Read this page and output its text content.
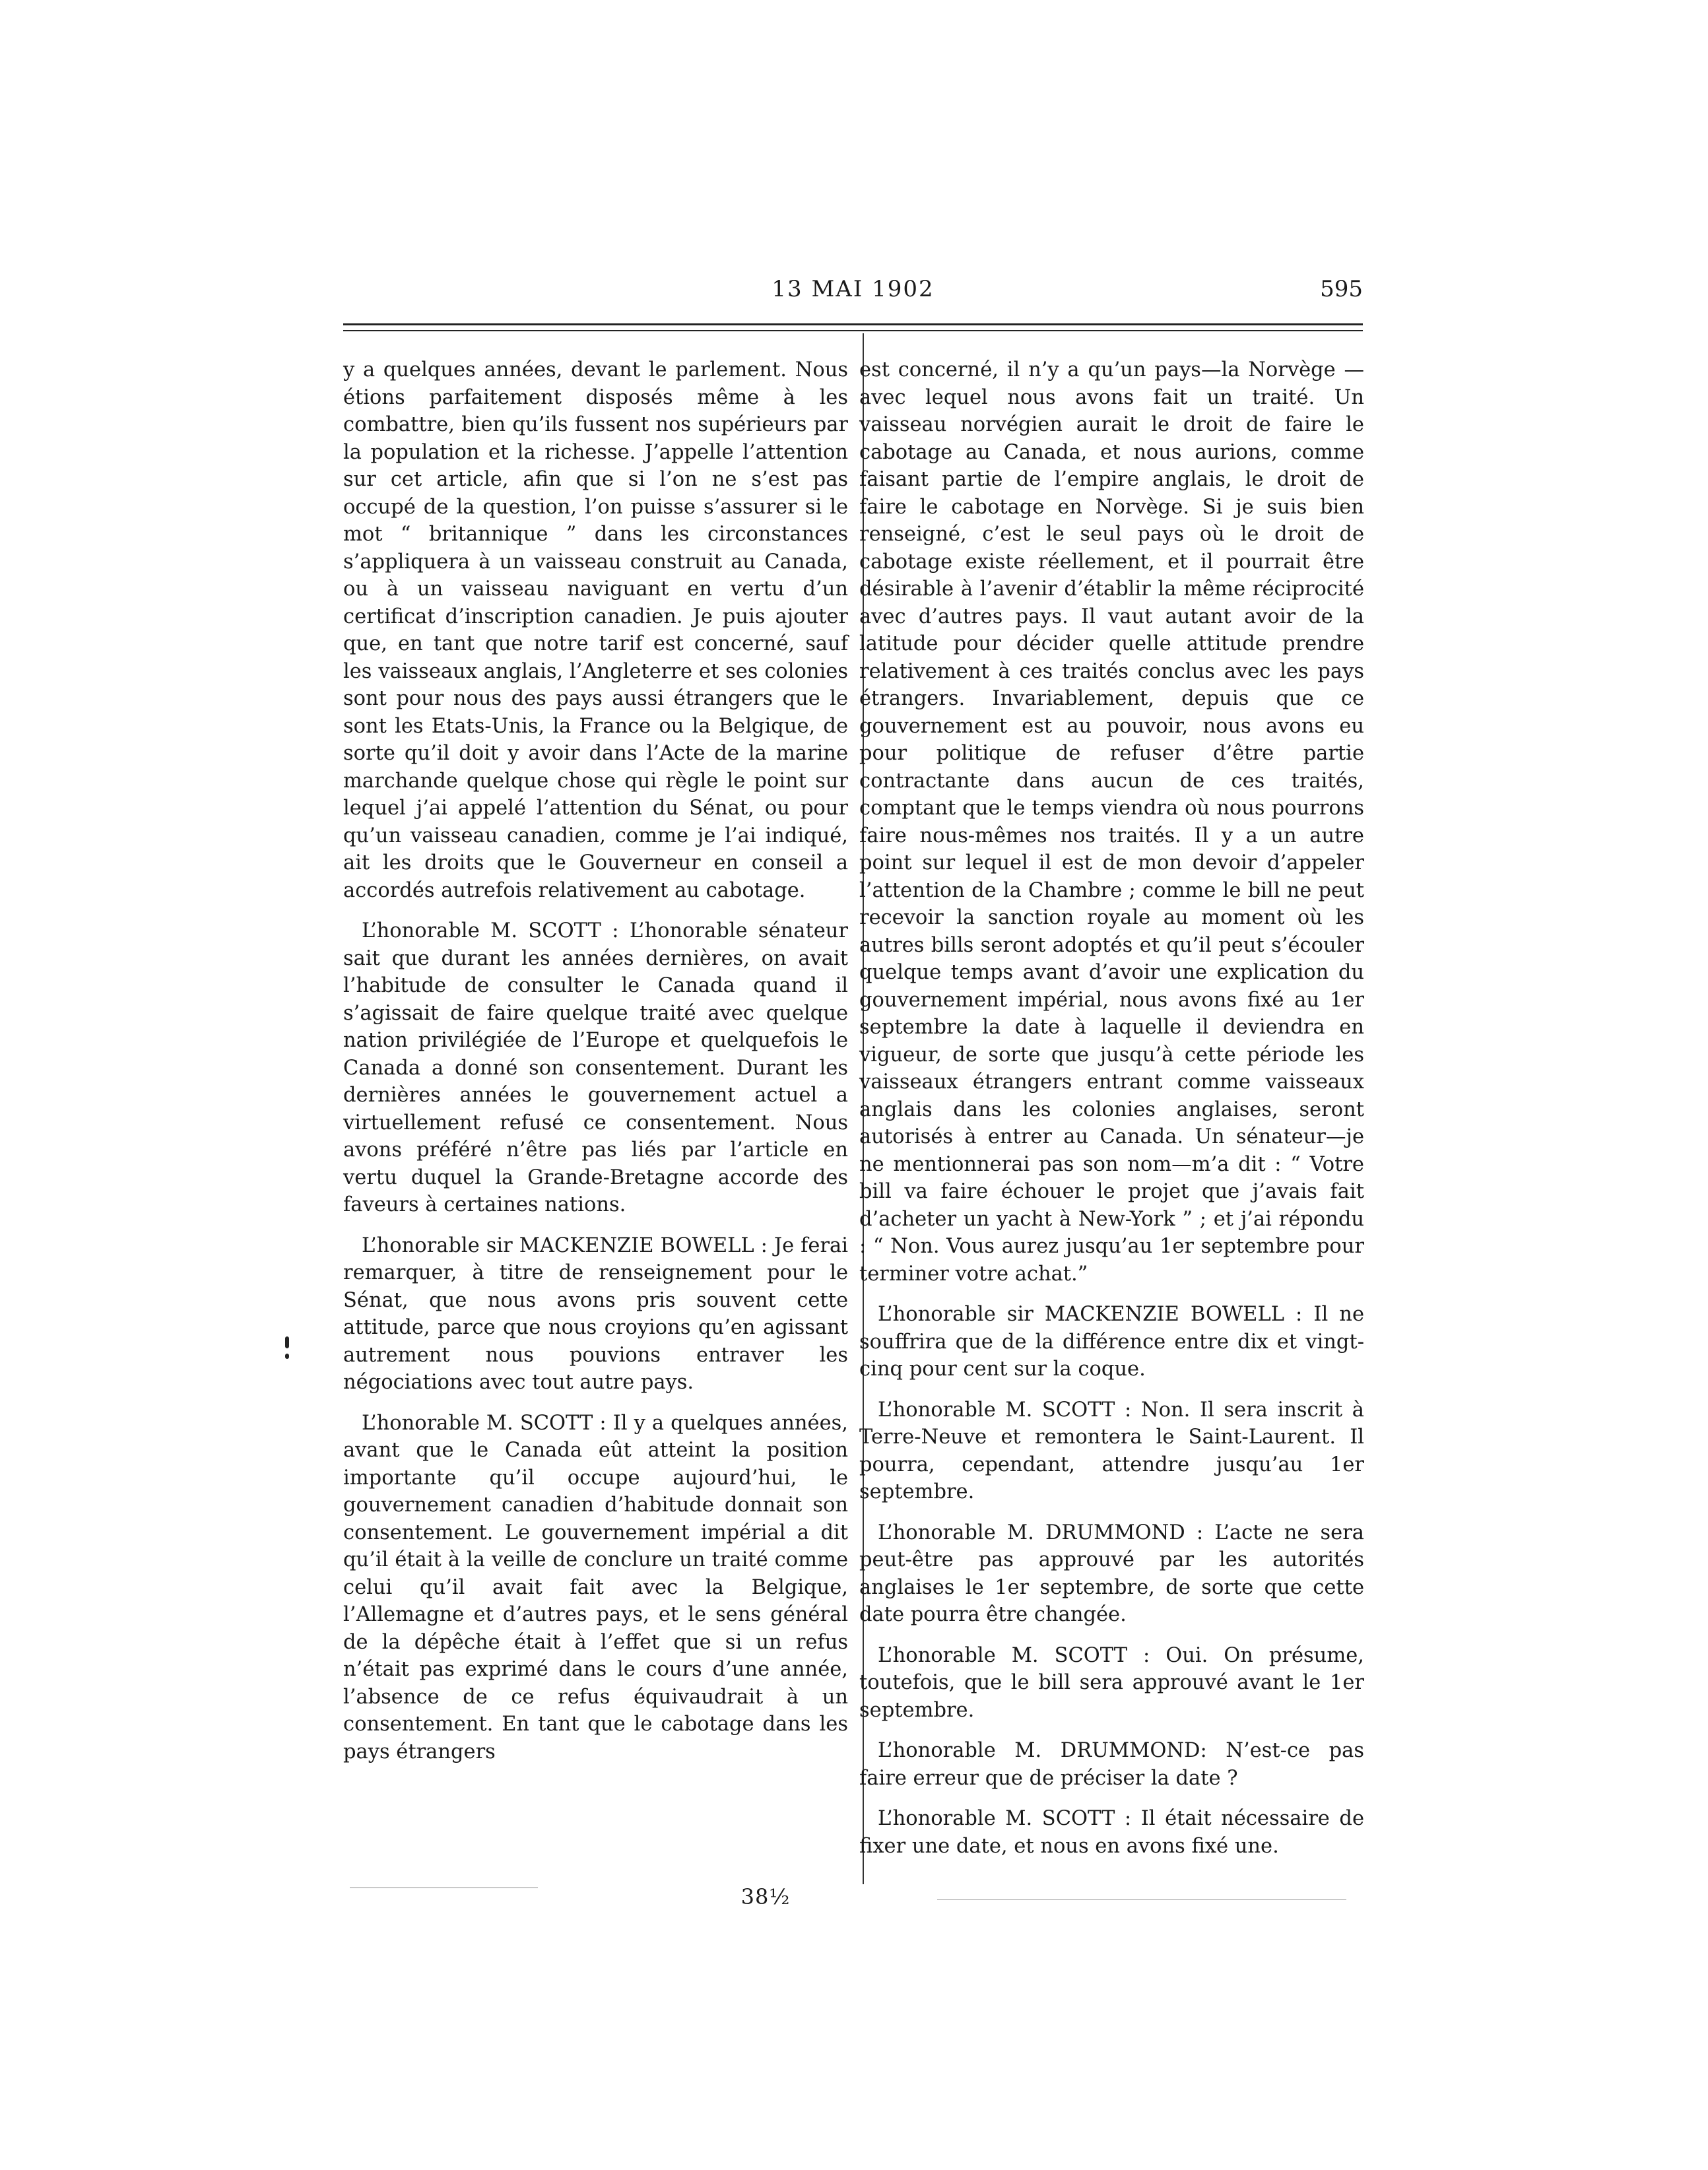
13 MAI 1902	595

y a quelques années, devant le parlement. Nous étions parfaitement disposés même à les combattre, bien qu’ils fussent nos supérieurs par la population et la richesse. J’appelle l’attention sur cet article, afin que si l’on ne s’est pas occupé de la question, l’on puisse s’assurer si le mot “ britannique ” dans les circonstances s’appliquera à un vaisseau construit au Canada, ou à un vaisseau naviguant en vertu d’un certificat d’inscription canadien. Je puis ajouter que, en tant que notre tarif est concerné, sauf les vaisseaux anglais, l’Angleterre et ses colonies sont pour nous des pays aussi étrangers que le sont les Etats-Unis, la France ou la Belgique, de sorte qu’il doit y avoir dans l’Acte de la marine marchande quelque chose qui règle le point sur lequel j’ai appelé l’attention du Sénat, ou pour qu’un vaisseau canadien, comme je l’ai indiqué, ait les droits que le Gouverneur en conseil a accordés autrefois relativement au cabotage.

L’honorable M. SCOTT : L’honorable sénateur sait que durant les années dernières, on avait l’habitude de consulter le Canada quand il s’agissait de faire quelque traité avec quelque nation privilégiée de l’Europe et quelquefois le Canada a donné son consentement. Durant les dernières années le gouvernement actuel a virtuellement refusé ce consentement. Nous avons préféré n’être pas liés par l’article en vertu duquel la Grande-Bretagne accorde des faveurs à certaines nations.

L’honorable sir MACKENZIE BOWELL : Je ferai remarquer, à titre de renseignement pour le Sénat, que nous avons pris souvent cette attitude, parce que nous croyions qu’en agissant autrement nous pouvions entraver les négociations avec tout autre pays.

L’honorable M. SCOTT : Il y a quelques années, avant que le Canada eût atteint la position importante qu’il occupe aujourd’hui, le gouvernement canadien d’habitude donnait son consentement. Le gouvernement impérial a dit qu’il était à la veille de conclure un traité comme celui qu’il avait fait avec la Belgique, l’Allemagne et d’autres pays, et le sens général de la dépêche était à l’effet que si un refus n’était pas exprimé dans le cours d’une année, l’absence de ce refus équivaudrait à un consentement. En tant que le cabotage dans les pays étrangers

est concerné, il n’y a qu’un pays—la Norvège —avec lequel nous avons fait un traité. Un vaisseau norvégien aurait le droit de faire le cabotage au Canada, et nous aurions, comme faisant partie de l’empire anglais, le droit de faire le cabotage en Norvège. Si je suis bien renseigné, c’est le seul pays où le droit de cabotage existe réellement, et il pourrait être désirable à l’avenir d’établir la même réciprocité avec d’autres pays. Il vaut autant avoir de la latitude pour décider quelle attitude prendre relativement à ces traités conclus avec les pays étrangers. Invariablement, depuis que ce gouvernement est au pouvoir, nous avons eu pour politique de refuser d’être partie contractante dans aucun de ces traités, comptant que le temps viendra où nous pourrons faire nous-mêmes nos traités. Il y a un autre point sur lequel il est de mon devoir d’appeler l’attention de la Chambre ; comme le bill ne peut recevoir la sanction royale au moment où les autres bills seront adoptés et qu’il peut s’écouler quelque temps avant d’avoir une explication du gouvernement impérial, nous avons fixé au 1er septembre la date à laquelle il deviendra en vigueur, de sorte que jusqu’à cette période les vaisseaux étrangers entrant comme vaisseaux anglais dans les colonies anglaises, seront autorisés à entrer au Canada. Un sénateur—je ne mentionnerai pas son nom—m’a dit : “ Votre bill va faire échouer le projet que j’avais fait d’acheter un yacht à New-York ” ; et j’ai répondu : “ Non. Vous aurez jusqu’au 1er septembre pour terminer votre achat.”

L’honorable sir MACKENZIE BOWELL : Il ne souffrira que de la différence entre dix et vingt-cinq pour cent sur la coque.

L’honorable M. SCOTT : Non. Il sera inscrit à Terre-Neuve et remontera le Saint-Laurent. Il pourra, cependant, attendre jusqu’au 1er septembre.

L’honorable M. DRUMMOND : L’acte ne sera peut-être pas approuvé par les autorités anglaises le 1er septembre, de sorte que cette date pourra être changée.

L’honorable M. SCOTT : Oui. On présume, toutefois, que le bill sera approuvé avant le 1er septembre.

L’honorable M. DRUMMOND: N’est-ce pas faire erreur que de préciser la date ?

L’honorable M. SCOTT : Il était nécessaire de fixer une date, et nous en avons fixé une.

38½
